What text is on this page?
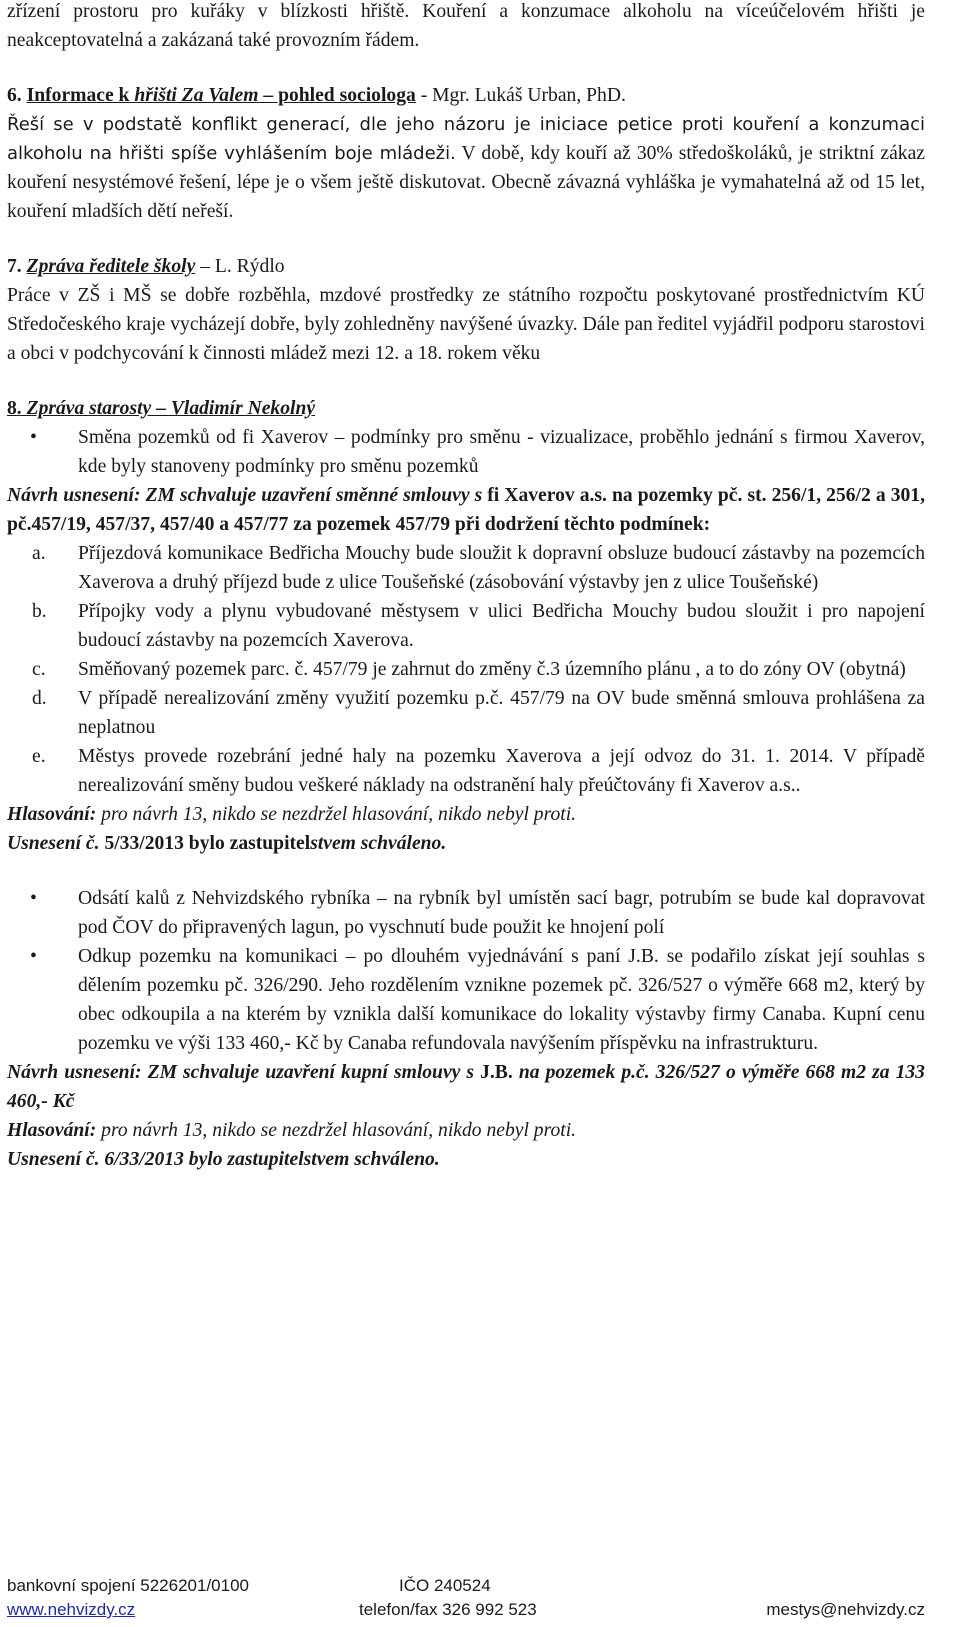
zřízení prostoru pro kuřáky v blízkosti hřiště. Kouření a konzumace alkoholu na víceúčelovém hřišti je neakceptovatelná a zakázaná také provozním řádem.

6. Informace k hřišti Za Valem – pohled sociologa - Mgr. Lukáš Urban, PhD.
Řeší se v podstatě konflikt generací, dle jeho názoru je iniciace petice proti kouření a konzumaci alkoholu na hřišti spíše vyhlášením boje mládeži. V době, kdy kouří až 30% středoškoláků, je striktní zákaz kouření nesystémové řešení, lépe je o všem ještě diskutovat. Obecně závazná vyhláška je vymahatelná až od 15 let, kouření mladších dětí neřeší.

7. Zpráva ředitele školy – L. Rýdlo
Práce v ZŠ i MŠ se dobře rozběhla, mzdové prostředky ze státního rozpočtu poskytované prostřednictvím KÚ Středočeského kraje vycházejí dobře, byly zohledněny navýšené úvazky. Dále pan ředitel vyjádřil podporu starostovi a obci v podchycování k činnosti mládež mezi 12. a 18. rokem věku

8. Zpráva starosty – Vladimír Nekolný

• Směna pozemků od fi Xaverov – podmínky pro směnu - vizualizace, proběhlo jednání s firmou Xaverov, kde byly stanoveny podmínky pro směnu pozemků

Návrh usnesení: ZM schvaluje uzavření směnné smlouvy s fi Xaverov a.s. na pozemky pč. st. 256/1, 256/2 a 301, pč.457/19, 457/37, 457/40 a 457/77 za pozemek 457/79 při dodržení těchto podmínek:

a. Příjezdová komunikace Bedřicha Mouchy bude sloužit k dopravní obsluze budoucí zástavby na pozemcích Xaverova a druhý příjezd bude z ulice Toušeňské (zásobování výstavby jen z ulice Toušeňské)
b. Přípojky vody a plynu vybudované městysem v ulici Bedřicha Mouchy budou sloužit i pro napojení budoucí zástavby na pozemcích Xaverova.
c. Směňovaný pozemek parc. č. 457/79 je zahrnut do změny č.3 územního plánu , a to do zóny OV (obytná)
d. V případě nerealizování změny využití pozemku p.č. 457/79 na OV bude směnná smlouva prohlášena za neplatnou
e. Městys provede rozebrání jedné haly na pozemku Xaverova a její odvoz do 31. 1. 2014. V případě nerealizování směny budou veškeré náklady na odstranění haly přeúčtovány fi Xaverov a.s..

Hlasování: pro návrh 13, nikdo se nezdržel hlasování, nikdo nebyl proti.

Usnesení č. 5/33/2013 bylo zastupitelstvem schváleno.

• Odsátí kalů z Nehvizdského rybníka – na rybník byl umístěn sací bagr, potrubím se bude kal dopravovat pod ČOV do připravených lagun, po vyschnutí bude použit ke hnojení polí
• Odkup pozemku na komunikaci – po dlouhém vyjednávání s paní J.B. se podařilo získat její souhlas s dělením pozemku pč. 326/290. Jeho rozdělením vznikne pozemek pč. 326/527 o výměře 668 m2, který by obec odkoupila a na kterém by vznikla další komunikace do lokality výstavby firmy Canaba. Kupní cenu pozemku ve výši 133 460,- Kč by Canaba refundovala navýšením příspěvku na infrastrukturu.

Návrh usnesení: ZM schvaluje uzavření kupní smlouvy s J.B. na pozemek p.č. 326/527 o výměře 668 m2 za 133 460,- Kč

Hlasování: pro návrh 13, nikdo se nezdržel hlasování, nikdo nebyl proti.

Usnesení č. 6/33/2013 bylo zastupitelstvem schváleno.

bankovní spojení 5226201/0100	IČO 240524
www.nehvizdy.cz	telefon/fax 326 992 523	mestys@nehvizdy.cz
